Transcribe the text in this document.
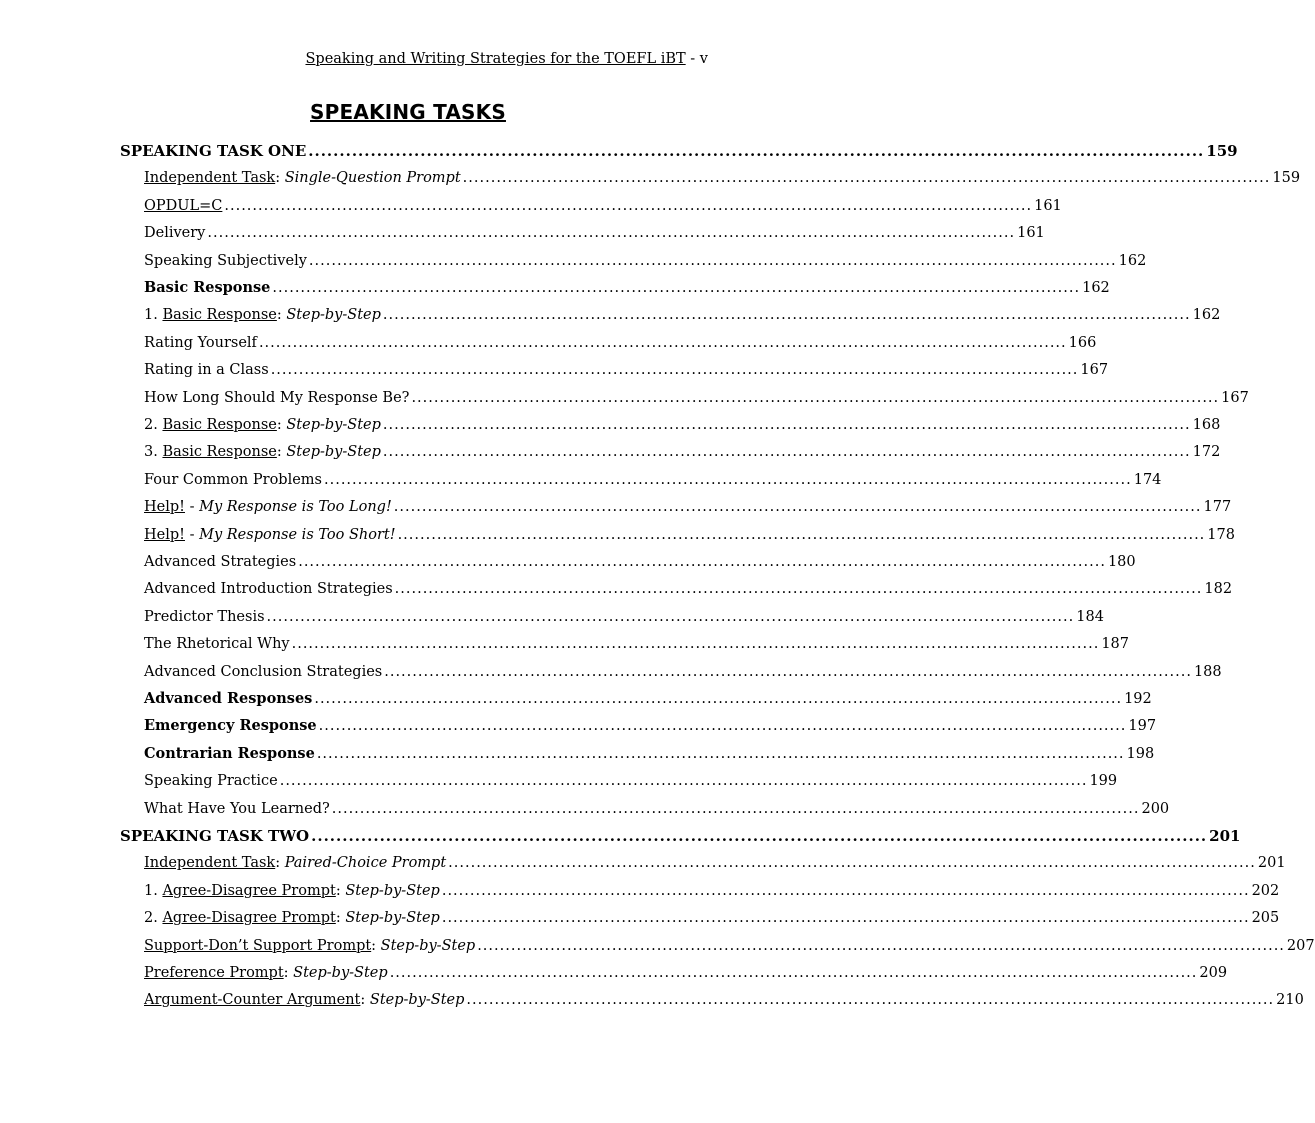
Speaking and Writing Strategies for the TOEFL iBT - v
SPEAKING TASKS
SPEAKING TASK ONE ................................................................................................................................................ 159
Independent Task: Single-Question Prompt ................................................................................................................................................ 159
OPDUL=C ................................................................................................................................................ 161
Delivery ................................................................................................................................................ 161
Speaking Subjectively ................................................................................................................................................ 162
Basic Response ................................................................................................................................................ 162
1. Basic Response: Step-by-Step ................................................................................................................................................ 162
Rating Yourself ................................................................................................................................................ 166
Rating in a Class ................................................................................................................................................ 167
How Long Should My Response Be? ................................................................................................................................................ 167
2. Basic Response: Step-by-Step ................................................................................................................................................ 168
3. Basic Response: Step-by-Step ................................................................................................................................................ 172
Four Common Problems ................................................................................................................................................ 174
Help! - My Response is Too Long! ................................................................................................................................................ 177
Help! - My Response is Too Short! ................................................................................................................................................ 178
Advanced Strategies ................................................................................................................................................ 180
Advanced Introduction Strategies ................................................................................................................................................ 182
Predictor Thesis ................................................................................................................................................ 184
The Rhetorical Why ................................................................................................................................................ 187
Advanced Conclusion Strategies ................................................................................................................................................ 188
Advanced Responses ................................................................................................................................................ 192
Emergency Response ................................................................................................................................................ 197
Contrarian Response ................................................................................................................................................ 198
Speaking Practice ................................................................................................................................................ 199
What Have You Learned? ................................................................................................................................................ 200
SPEAKING TASK TWO ................................................................................................................................................ 201
Independent Task: Paired-Choice Prompt ................................................................................................................................................ 201
1. Agree-Disagree Prompt: Step-by-Step ................................................................................................................................................ 202
2. Agree-Disagree Prompt: Step-by-Step ................................................................................................................................................ 205
Support-Don’t Support Prompt: Step-by-Step ................................................................................................................................................ 207
Preference Prompt: Step-by-Step ................................................................................................................................................ 209
Argument-Counter Argument: Step-by-Step ................................................................................................................................................ 210
